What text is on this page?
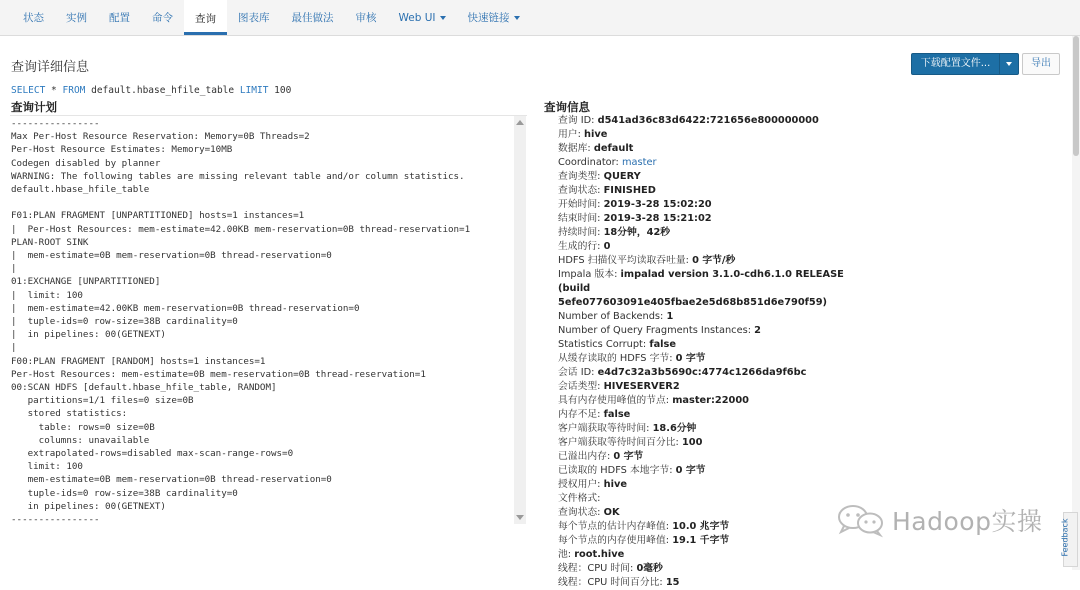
状态	实例	配置	命令	查询	图表库	最佳做法	审核	Web UI	快速链接
查询详细信息	下载配置文件...	导出
SELECT * FROM default.hbase_hfile_table LIMIT 100
查询计划	查询信息
----------------
Max Per-Host Resource Reservation: Memory=0B Threads=2
Per-Host Resource Estimates: Memory=10MB
Codegen disabled by planner
WARNING: The following tables are missing relevant table and/or column statistics.
default.hbase_hfile_table

F01:PLAN FRAGMENT [UNPARTITIONED] hosts=1 instances=1
|  Per-Host Resources: mem-estimate=42.00KB mem-reservation=0B thread-reservation=1
PLAN-ROOT SINK
|  mem-estimate=0B mem-reservation=0B thread-reservation=0
|
01:EXCHANGE [UNPARTITIONED]
|  limit: 100
|  mem-estimate=42.00KB mem-reservation=0B thread-reservation=0
|  tuple-ids=0 row-size=38B cardinality=0
|  in pipelines: 00(GETNEXT)
|
F00:PLAN FRAGMENT [RANDOM] hosts=1 instances=1
Per-Host Resources: mem-estimate=0B mem-reservation=0B thread-reservation=1
00:SCAN HDFS [default.hbase_hfile_table, RANDOM]
partitions=1/1 files=0 size=0B
stored statistics:
table: rows=0 size=0B
columns: unavailable
extrapolated-rows=disabled max-scan-range-rows=0
limit: 100
mem-estimate=0B mem-reservation=0B thread-reservation=0
tuple-ids=0 row-size=38B cardinality=0
in pipelines: 00(GETNEXT)
----------------
查询 ID: d541ad36c83d6422:721656e800000000
用户: hive
数据库: default
Coordinator: master
查询类型: QUERY
查询状态: FINISHED
开始时间: 2019-3-28 15:02:20
结束时间: 2019-3-28 15:21:02
持续时间: 18分钟，42秒
生成的行: 0
HDFS 扫描仪平均读取吞吐量: 0 字节/秒
Impala 版本: impalad version 3.1.0-cdh6.1.0 RELEASE (build 5efe077603091e405fbae2e5d68b851d6e790f59)
Number of Backends: 1
Number of Query Fragments Instances: 2
Statistics Corrupt: false
从缓存读取的 HDFS 字节: 0 字节
会话 ID: e4d7c32a3b5690c:4774c1266da9f6bc
会话类型: HIVESERVER2
具有内存使用峰值的节点: master:22000
内存不足: false
客户端获取等待时间: 18.6分钟
客户端获取等待时间百分比: 100
已溢出内存: 0 字节
已读取的 HDFS 本地字节: 0 字节
授权用户: hive
文件格式:
查询状态: OK
每个节点的估计内存峰值: 10.0 兆字节
每个节点的内存使用峰值: 19.1 千字节
池: root.hive
线程：CPU 时间: 0毫秒
线程：CPU 时间百分比: 15
Feedback
Hadoop实操
